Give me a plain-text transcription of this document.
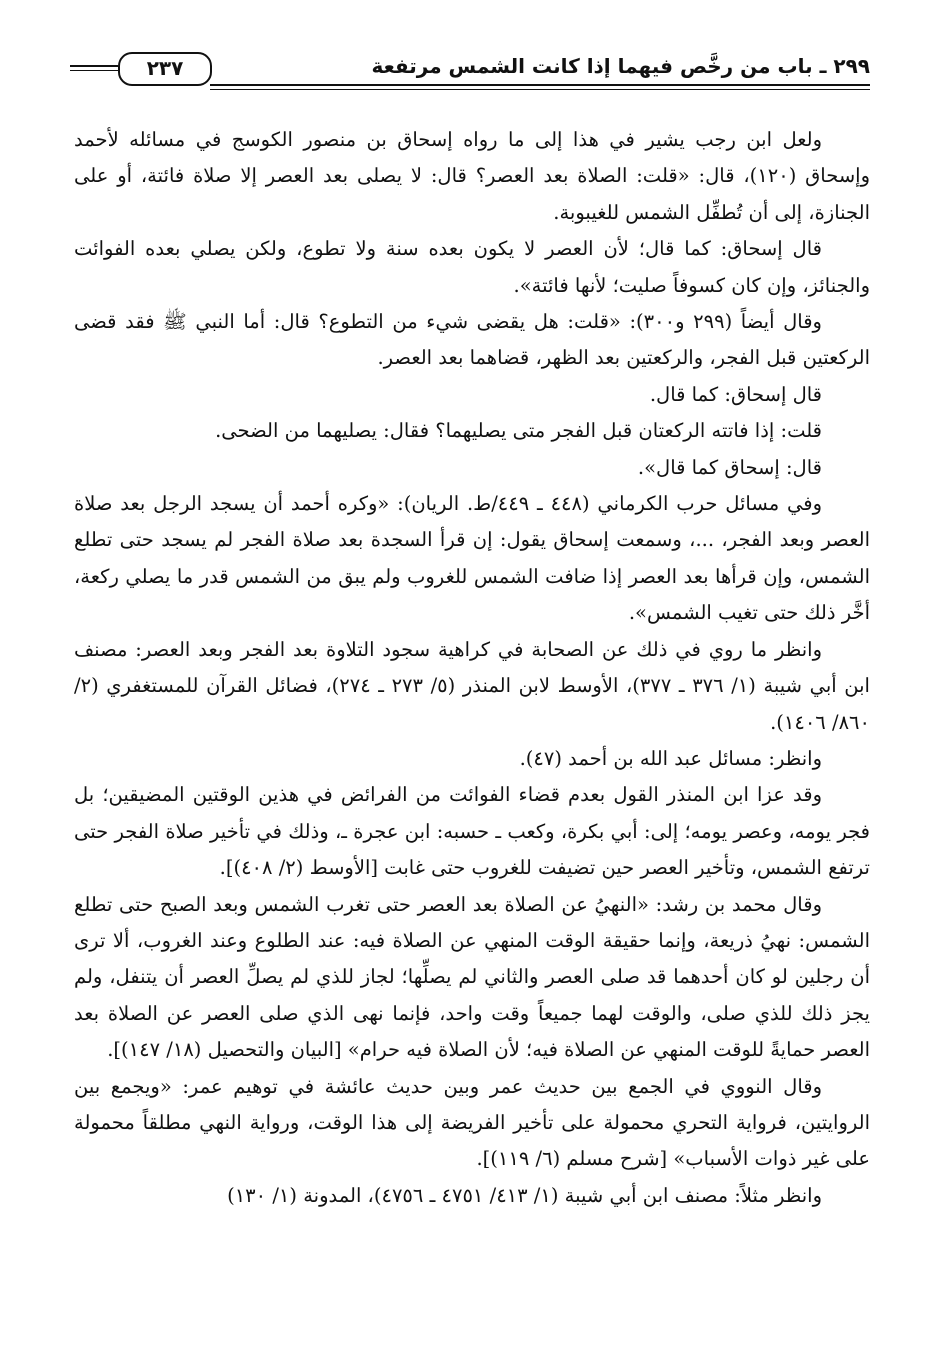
٢٣٧	٢٩٩ ـ باب من رخَّص فيهما إذا كانت الشمس مرتفعة

ولعل ابن رجب يشير في هذا إلى ما رواه إسحاق بن منصور الكوسج في مسائله لأحمد وإسحاق (١٢٠)، قال: «قلت: الصلاة بعد العصر؟ قال: لا يصلى بعد العصر إلا صلاة فائتة، أو على الجنازة، إلى أن تُطفِّل الشمس للغيبوبة.

قال إسحاق: كما قال؛ لأن العصر لا يكون بعده سنة ولا تطوع، ولكن يصلي بعده الفوائت والجنائز، وإن كان كسوفاً صليت؛ لأنها فائتة».

وقال أيضاً (٢٩٩ و٣٠٠): «قلت: هل يقضى شيء من التطوع؟ قال: أما النبي ﷺ فقد قضى الركعتين قبل الفجر، والركعتين بعد الظهر، قضاهما بعد العصر.

قال إسحاق: كما قال.

قلت: إذا فاتته الركعتان قبل الفجر متى يصليهما؟ فقال: يصليهما من الضحى.

قال: إسحاق كما قال».

وفي مسائل حرب الكرماني (٤٤٨ ـ ٤٤٩/ط. الريان): «وكره أحمد أن يسجد الرجل بعد صلاة العصر وبعد الفجر، ...، وسمعت إسحاق يقول: إن قرأ السجدة بعد صلاة الفجر لم يسجد حتى تطلع الشمس، وإن قرأها بعد العصر إذا ضافت الشمس للغروب ولم يبق من الشمس قدر ما يصلي ركعة، أخَّر ذلك حتى تغيب الشمس».

وانظر ما روي في ذلك عن الصحابة في كراهية سجود التلاوة بعد الفجر وبعد العصر: مصنف ابن أبي شيبة (١/ ٣٧٦ ـ ٣٧٧)، الأوسط لابن المنذر (٥/ ٢٧٣ ـ ٢٧٤)، فضائل القرآن للمستغفري (٢/ ٨٦٠/ ١٤٠٦).

وانظر: مسائل عبد الله بن أحمد (٤٧).

وقد عزا ابن المنذر القول بعدم قضاء الفوائت من الفرائض في هذين الوقتين المضيقين؛ بل فجر يومه، وعصر يومه؛ إلى: أبي بكرة، وكعب ـ حسبه: ابن عجرة ـ، وذلك في تأخير صلاة الفجر حتى ترتفع الشمس، وتأخير العصر حين تضيفت للغروب حتى غابت [الأوسط (٢/ ٤٠٨)].

وقال محمد بن رشد: «النهيُ عن الصلاة بعد العصر حتى تغرب الشمس وبعد الصبح حتى تطلع الشمس: نهيُ ذريعة، وإنما حقيقة الوقت المنهي عن الصلاة فيه: عند الطلوع وعند الغروب، ألا ترى أن رجلين لو كان أحدهما قد صلى العصر والثاني لم يصلِّها؛ لجاز للذي لم يصلِّ العصر أن يتنفل، ولم يجز ذلك للذي صلى، والوقت لهما جميعاً وقت واحد، فإنما نهى الذي صلى العصر عن الصلاة بعد العصر حمايةً للوقت المنهي عن الصلاة فيه؛ لأن الصلاة فيه حرام» [البيان والتحصيل (١٨/ ١٤٧)].

وقال النووي في الجمع بين حديث عمر وبين حديث عائشة في توهيم عمر: «ويجمع بين الروايتين، فرواية التحري محمولة على تأخير الفريضة إلى هذا الوقت، ورواية النهي مطلقاً محمولة على غير ذوات الأسباب» [شرح مسلم (٦/ ١١٩)].

وانظر مثلاً: مصنف ابن أبي شيبة (١/ ٤١٣/ ٤٧٥١ ـ ٤٧٥٦)، المدونة (١/ ١٣٠)
